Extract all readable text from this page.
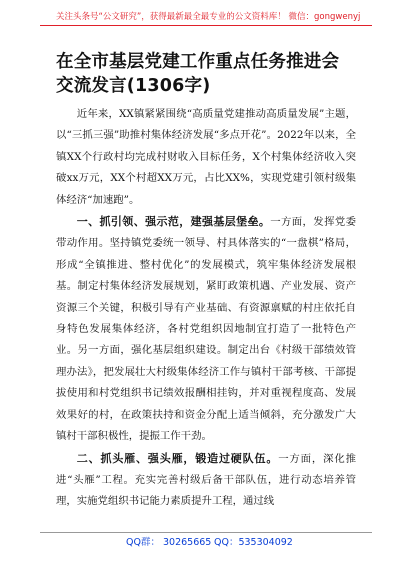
关注头条号“公文研究”，获得最新最全最专业的公文资料库！ 微信：gongwenyj
在全市基层党建工作重点任务推进会交流发言(1306字)

近年来，XX镇紧紧围绕“高质量党建推动高质量发展”主题，以“三抓三强”助推村集体经济发展“多点开花”。2022年以来，全镇XX个行政村均完成村财收入目标任务，X个村集体经济收入突破xx万元，XX个村超XX万元，占比XX%，实现党建引领村级集体经济“加速跑”。

一、抓引领、强示范，建强基层堡垒。一方面，发挥党委带动作用。坚持镇党委统一领导、村具体落实的“一盘棋”格局，形成“全镇推进、整村优化”的发展模式，筑牢集体经济发展根基。制定村集体经济发展规划，紧盯政策机遇、产业发展、资产资源三个关键，积极引导有产业基础、有资源禀赋的村庄依托自身特色发展集体经济，各村党组织因地制宜打造了一批特色产业。另一方面，强化基层组织建设。制定出台《村级干部绩效管理办法》，把发展壮大村级集体经济工作与镇村干部考核、干部提拔使用和村党组织书记绩效报酬相挂钩，并对重视程度高、发展效果好的村，在政策扶持和资金分配上适当倾斜，充分激发广大镇村干部积极性，提振工作干劲。

二、抓头雁、强头雁，锻造过硬队伍。一方面，深化推进“头雁”工程。充实完善村级后备干部队伍，进行动态培养管理，实施党组织书记能力素质提升工程，通过线

QQ群： 30265665 QQ：535304092
